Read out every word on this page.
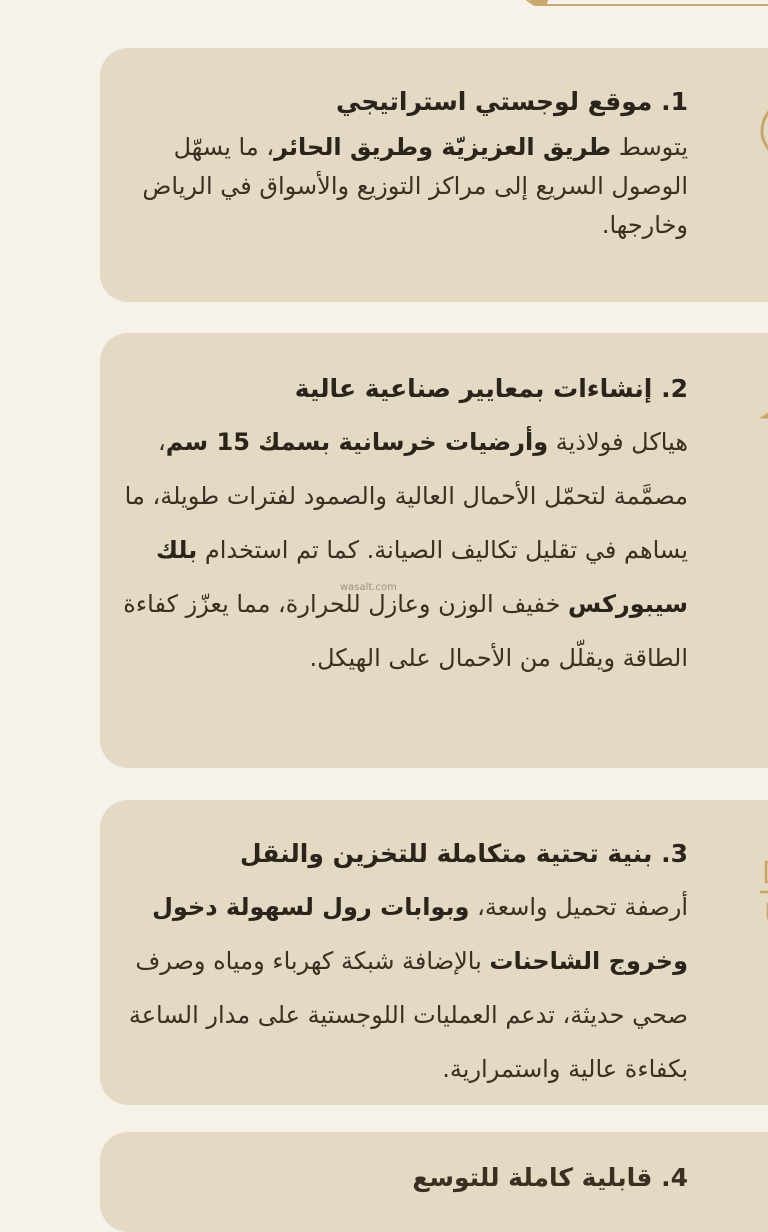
1. موقع لوجستي استراتيجي

يتوسط طريق العزيزيّة وطريق الحائر، ما يسهّل الوصول السريع إلى مراكز التوزيع والأسواق في الرياض وخارجها.

2. إنشاءات بمعايير صناعية عالية

هياكل فولاذية وأرضيات خرسانية بسمك 15 سم، مصمَّمة لتحمّل الأحمال العالية والصمود لفترات طويلة، ما يساهم في تقليل تكاليف الصيانة. كما تم استخدام بلك سيبوركس خفيف الوزن وعازل للحرارة، مما يعزّز كفاءة الطاقة ويقلّل من الأحمال على الهيكل.

wasalt.com
3. بنية تحتية متكاملة للتخزين والنقل

أرصفة تحميل واسعة، وبوابات رول لسهولة دخول وخروج الشاحنات بالإضافة شبكة كهرباء ومياه وصرف صحي حديثة، تدعم العمليات اللوجستية على مدار الساعة بكفاءة عالية واستمرارية.

4. قابلية كاملة للتوسع
